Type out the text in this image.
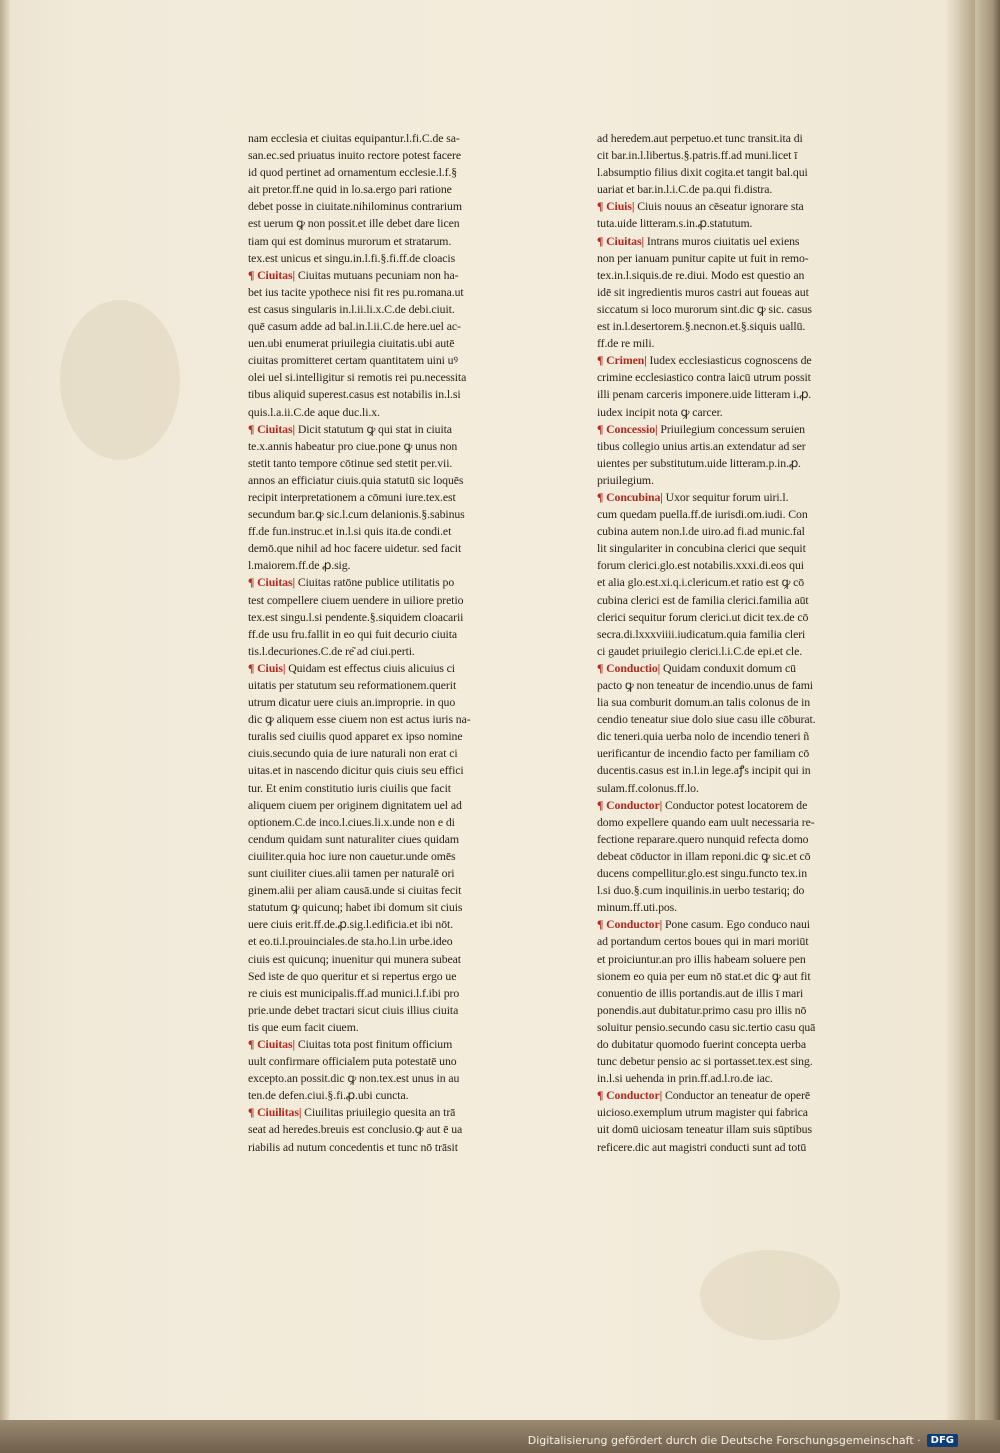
nam ecclesia et ciuitas equipantur.l.fi.C.de sa-
san.ec.sed priuatus inuito rectore potest facere
id quod pertinet ad ornamentum ecclesie.l.f.§
ait pretor.ff.ne quid in lo.sa.ergo pari ratione
debet posse in ciuitate.nihilominus contrarium
est uerum ꝙ non possit.et ille debet dare licen
tiam qui est dominus murorum et stratarum.
tex.est unicus et singu.in.l.fi.§.fi.ff.de cloacis
¶ Ciuitas| Ciuitas mutuans pecuniam non ha-
bet ius tacite ypothece nisi fit res pu.romana.ut
est casus singularis in.l.ii.li.x.C.de debi.ciuit.
quē casum adde ad bal.in.l.ii.C.de here.uel ac-
uen.ubi enumerat priuilegia ciuitatis.ubi autē
ciuitas promitteret certam quantitatem uini uꝰ
olei uel si.intelligitur si remotis rei pu.necessita
tibus aliquid superest.casus est notabilis in.l.si
quis.l.a.ii.C.de aque duc.li.x.
¶ Ciuitas| Dicit statutum ꝙ qui stat in ciuita
te.x.annis habeatur pro ciue.pone ꝙ unus non
stetit tanto tempore cōtinue sed stetit per.vii.
annos an efficiatur ciuis.quia statutū sic loquēs
recipit interpretationem a cōmuni iure.tex.est
secundum bar.ꝙ sic.l.cum delanionis.§.sabinus
ff.de fun.instruc.et in.l.si quis ita.de condi.et
demō.que nihil ad hoc facere uidetur. sed facit
l.maiorem.ff.de ꝓ.sig.
¶ Ciuitas| Ciuitas ratōne publice utilitatis po
test compellere ciuem uendere in uiliore pretio
tex.est singu.l.si pendente.§.siquidem cloacarii
ff.de usu fru.fallit in eo qui fuit decurio ciuita
tis.l.decuriones.C.de re͂ ad ciui.perti.
¶ Ciuis| Quidam est effectus ciuis alicuius ci
uitatis per statutum seu reformationem.querit
utrum dicatur uere ciuis an.improprie. in quo
dic ꝙ aliquem esse ciuem non est actus iuris na-
turalis sed ciuilis quod apparet ex ipso nomine
ciuis.secundo quia de iure naturali non erat ci
uitas.et in nascendo dicitur quis ciuis seu effici
tur. Et enim constitutio iuris ciuilis que facit
aliquem ciuem per originem dignitatem uel ad
optionem.C.de inco.l.ciues.li.x.unde non e di
cendum quidam sunt naturaliter ciues quidam
ciuiliter.quia hoc iure non cauetur.unde omēs
sunt ciuiliter ciues.alii tamen per naturalē ori
ginem.alii per aliam causā.unde si ciuitas fecit
statutum ꝙ quicunq; habet ibi domum sit ciuis
uere ciuis erit.ff.de.ꝓ.sig.l.edificia.et ibi nōt.
et eo.ti.l.prouinciales.de sta.ho.l.in urbe.ideo
ciuis est quicunq; inuenitur qui munera subeat
Sed iste de quo queritur et si repertus ergo ue
re ciuis est municipalis.ff.ad munici.l.f.ibi pro
prie.unde debet tractari sicut ciuis illius ciuita
tis que eum facit ciuem.
¶ Ciuitas| Ciuitas tota post finitum officium
uult confirmare officialem puta potestatē uno
excepto.an possit.dic ꝙ non.tex.est unus in au
ten.de defen.ciui.§.fi.ꝓ.ubi cuncta.
¶ Ciuilitas| Ciuilitas priuilegio quesita an trā
seat ad heredes.breuis est conclusio.ꝙ aut ē ua
riabilis ad nutum concedentis et tunc nō trāsit
ad heredem.aut perpetuo.et tunc transit.ita di
cit bar.in.l.libertus.§.patris.ff.ad muni.licet ī
l.absumptio filius dixit cogita.et tangit bal.qui
uariat et bar.in.l.i.C.de pa.qui fi.distra.
¶ Ciuis| Ciuis nouus an cēseatur ignorare sta
tuta.uide litteram.s.in.ꝓ.statutum.
¶ Ciuitas| Intrans muros ciuitatis uel exiens
non per ianuam punitur capite ut fuit in remo-
tex.in.l.siquis.de re.diui. Modo est questio an
idē sit ingredientis muros castri aut foueas aut
siccatum si loco murorum sint.dic ꝙ sic. casus
est in.l.desertorem.§.necnon.et.§.siquis uallū.
ff.de re mili.
¶ Crimen| Iudex ecclesiasticus cognoscens de
crimine ecclesiastico contra laicū utrum possit
illi penam carceris imponere.uide litteram i.ꝓ.
iudex incipit nota ꝙ carcer.
¶ Concessio| Priuilegium concessum seruien
tibus collegio unius artis.an extendatur ad ser
uientes per substitutum.uide litteram.p.in.ꝓ.
priuilegium.
¶ Concubina| Uxor sequitur forum uiri.l.
cum quedam puella.ff.de iurisdi.om.iudi. Con
cubina autem non.l.de uiro.ad fi.ad munic.fal
lit singulariter in concubina clerici que sequit
forum clerici.glo.est notabilis.xxxi.di.eos qui
et alia glo.est.xi.q.i.clericum.et ratio est ꝙ cō
cubina clerici est de familia clerici.familia aūt
clerici sequitur forum clerici.ut dicit tex.de cō
secra.di.lxxxviiii.iudicatum.quia familia cleri
ci gaudet priuilegio clerici.l.i.C.de epi.et cle.
¶ Conductio| Quidam conduxit domum cū
pacto ꝙ non teneatur de incendio.unus de fami
lia sua comburit domum.an talis colonus de in
cendio teneatur siue dolo siue casu ille cōburat.
dic teneri.quia uerba nolo de incendio teneri ñ
uerificantur de incendio facto per familiam cō
ducentis.casus est in.l.in lege.aꝭs incipit qui in
sulam.ff.colonus.ff.lo.
¶ Conductor| Conductor potest locatorem de
domo expellere quando eam uult necessaria re-
fectione reparare.quero nunquid refecta domo
debeat cōductor in illam reponi.dic ꝙ sic.et cō
ducens compellitur.glo.est singu.functo tex.in
l.si duo.§.cum inquilinis.in uerbo testariq; do
minum.ff.uti.pos.
¶ Conductor| Pone casum. Ego conduco naui
ad portandum certos boues qui in mari moriūt
et proiciuntur.an pro illis habeam soluere pen
sionem eo quia per eum nō stat.et dic ꝙ aut fit
conuentio de illis portandis.aut de illis ī mari
ponendis.aut dubitatur.primo casu pro illis nō
soluitur pensio.secundo casu sic.tertio casu quā
do dubitatur quomodo fuerint concepta uerba
tunc debetur pensio ac si portasset.tex.est sing.
in.l.si uehenda in prin.ff.ad.l.ro.de iac.
¶ Conductor| Conductor an teneatur de operē
uicioso.exemplum utrum magister qui fabrica
uit domū uiciosam teneatur illam suis sūptibus
reficere.dic aut magistri conducti sunt ad totū
Digitalisierung gefördert durch die Deutsche Forschungsgemeinschaft ·	DFG
